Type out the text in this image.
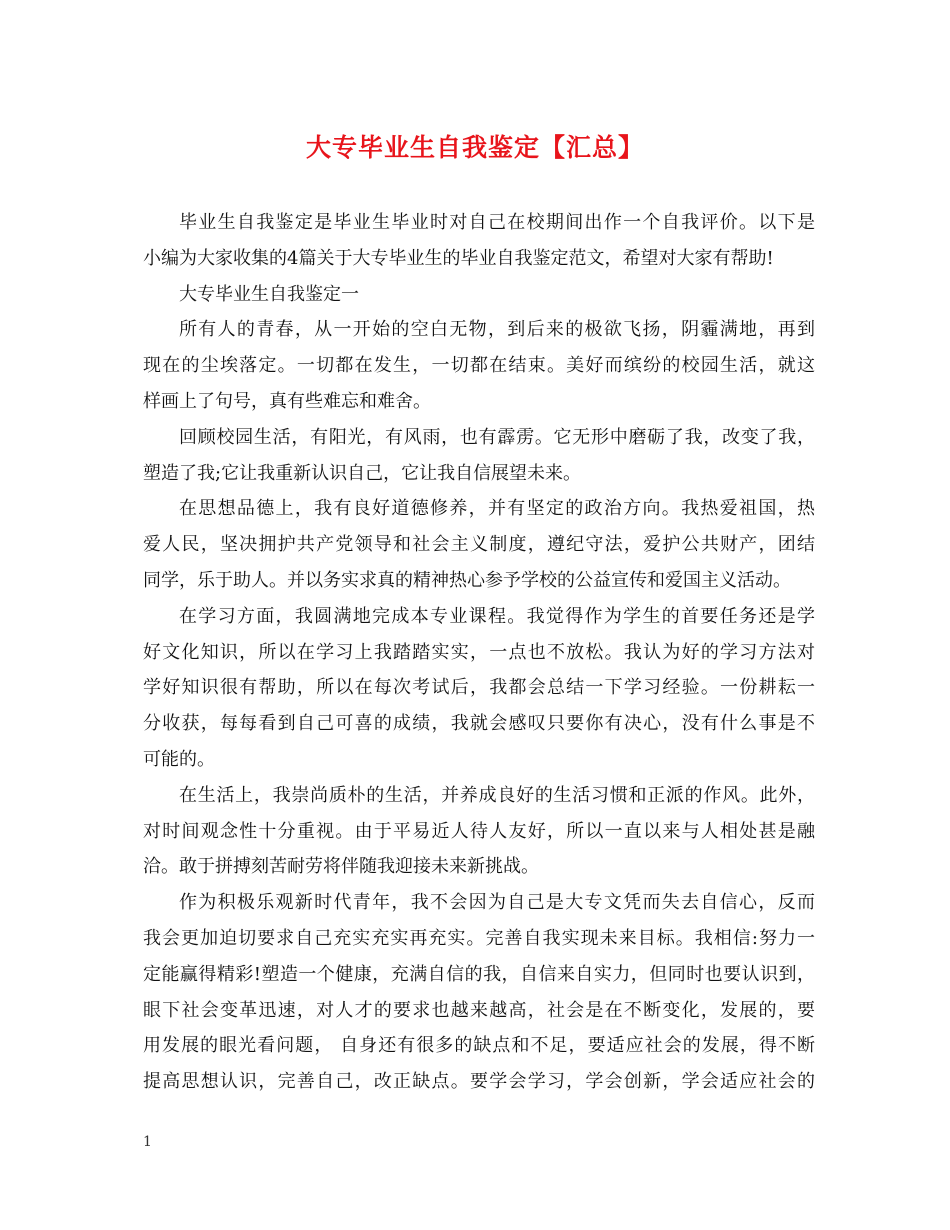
大专毕业生自我鉴定【汇总】
毕业生自我鉴定是毕业生毕业时对自己在校期间出作一个自我评价。以下是
小编为大家收集的4篇关于大专毕业生的毕业自我鉴定范文，希望对大家有帮助!
大专毕业生自我鉴定一
所有人的青春，从一开始的空白无物，到后来的极欲飞扬，阴霾满地，再到
现在的尘埃落定。一切都在发生，一切都在结束。美好而缤纷的校园生活，就这
样画上了句号，真有些难忘和难舍。
回顾校园生活，有阳光，有风雨，也有霹雳。它无形中磨砺了我，改变了我，
塑造了我;它让我重新认识自己，它让我自信展望未来。
在思想品德上，我有良好道德修养，并有坚定的政治方向。我热爱祖国，热
爱人民，坚决拥护共产党领导和社会主义制度，遵纪守法，爱护公共财产，团结
同学，乐于助人。并以务实求真的精神热心参予学校的公益宣传和爱国主义活动。
在学习方面，我圆满地完成本专业课程。我觉得作为学生的首要任务还是学
好文化知识，所以在学习上我踏踏实实，一点也不放松。我认为好的学习方法对
学好知识很有帮助，所以在每次考试后，我都会总结一下学习经验。一份耕耘一
分收获，每每看到自己可喜的成绩，我就会感叹只要你有决心，没有什么事是不
可能的。
在生活上，我崇尚质朴的生活，并养成良好的生活习惯和正派的作风。此外，
对时间观念性十分重视。由于平易近人待人友好，所以一直以来与人相处甚是融
洽。敢于拼搏刻苦耐劳将伴随我迎接未来新挑战。
作为积极乐观新时代青年，我不会因为自己是大专文凭而失去自信心，反而
我会更加迫切要求自己充实充实再充实。完善自我实现未来目标。我相信:努力一
定能赢得精彩!塑造一个健康，充满自信的我，自信来自实力，但同时也要认识到，
眼下社会变革迅速，对人才的要求也越来越高，社会是在不断变化，发展的，要
用发展的眼光看问题， 自身还有很多的缺点和不足，要适应社会的发展，得不断
提高思想认识，完善自己，改正缺点。要学会学习，学会创新，学会适应社会的
1
